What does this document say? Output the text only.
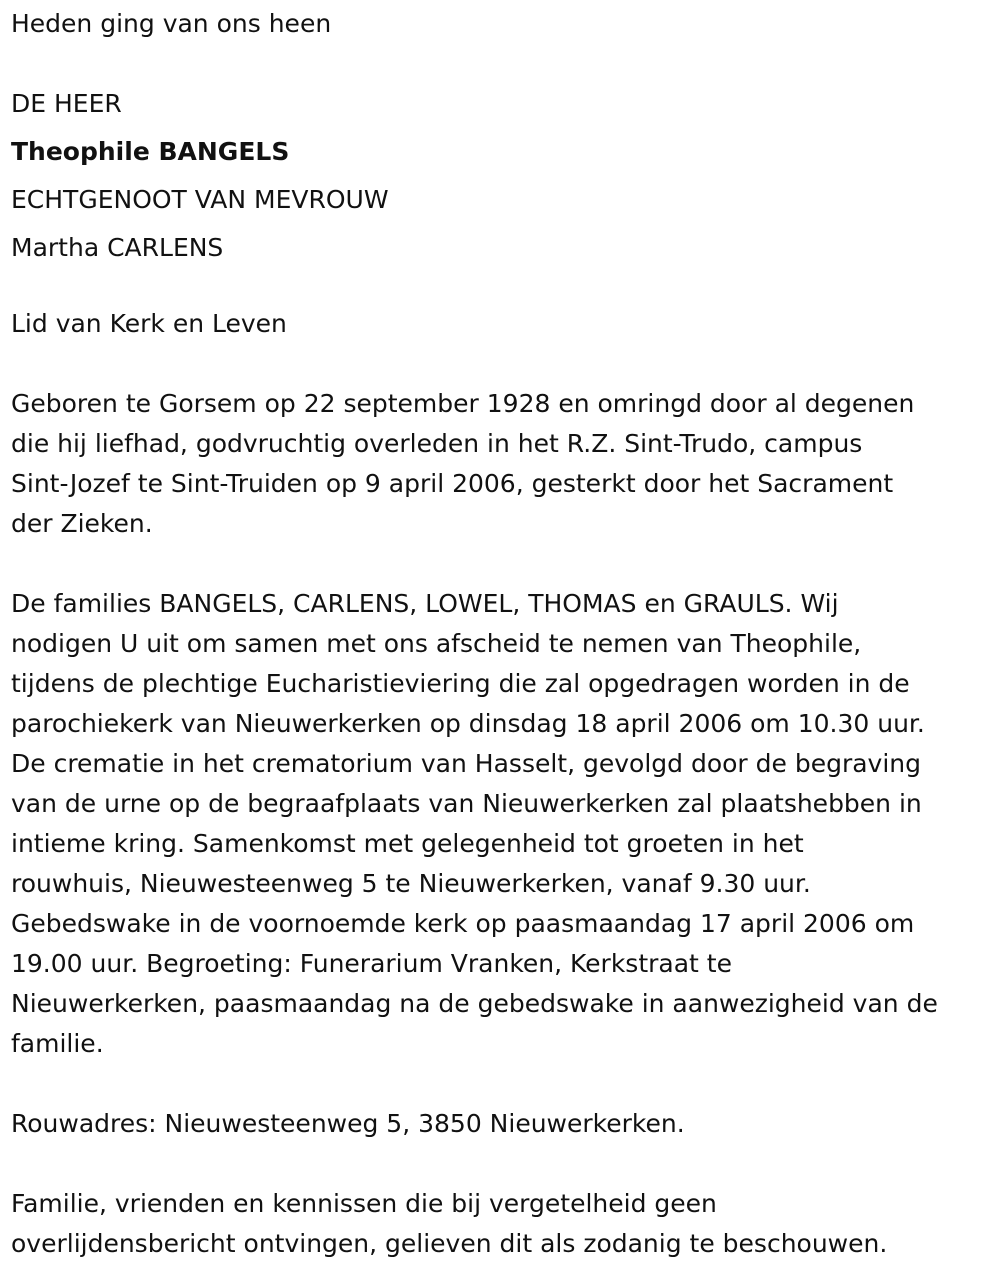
Heden ging van ons heen
DE HEER
Theophile BANGELS
ECHTGENOOT VAN MEVROUW
Martha CARLENS
Lid van Kerk en Leven
Geboren te Gorsem op 22 september 1928 en omringd door al degenen
die hij liefhad, godvruchtig overleden in het R.Z. Sint-Trudo, campus
Sint-Jozef te Sint-Truiden op 9 april 2006, gesterkt door het Sacrament
der Zieken.
De families BANGELS, CARLENS, LOWEL, THOMAS en GRAULS. Wij
nodigen U uit om samen met ons afscheid te nemen van Theophile,
tijdens de plechtige Eucharistieviering die zal opgedragen worden in de
parochiekerk van Nieuwerkerken op dinsdag 18 april 2006 om 10.30 uur.
De crematie in het crematorium van Hasselt, gevolgd door de begraving
van de urne op de begraafplaats van Nieuwerkerken zal plaatshebben in
intieme kring. Samenkomst met gelegenheid tot groeten in het
rouwhuis, Nieuwesteenweg 5 te Nieuwerkerken, vanaf 9.30 uur.
Gebedswake in de voornoemde kerk op paasmaandag 17 april 2006 om
19.00 uur. Begroeting: Funerarium Vranken, Kerkstraat te
Nieuwerkerken, paasmaandag na de gebedswake in aanwezigheid van de
familie.
Rouwadres: Nieuwesteenweg 5, 3850 Nieuwerkerken.
Familie, vrienden en kennissen die bij vergetelheid geen
overlijdensbericht ontvingen, gelieven dit als zodanig te beschouwen.
